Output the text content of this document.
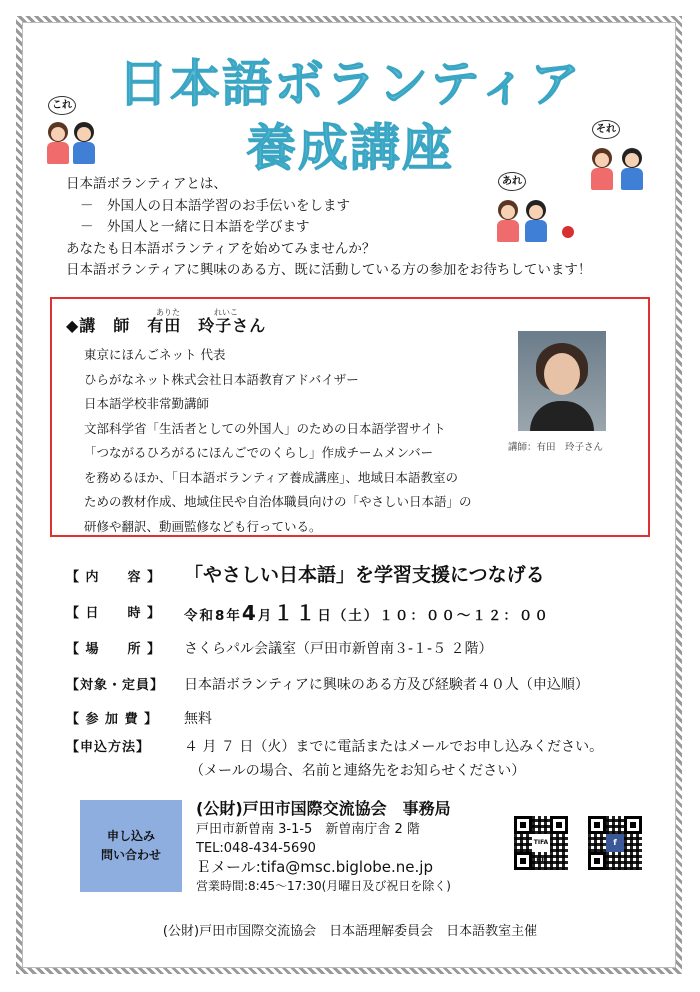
日本語ボランティア
養成講座
これ
それ
あれ
日本語ボランティアとは、
－　外国人の日本語学習のお手伝いをします
－　外国人と一緒に日本語を学びます
あなたも日本語ボランティアを始めてみませんか？
日本語ボランティアに興味のある方、既に活動している方の参加をお待ちしています！
ありた	れいこ
◆講　師　有田　玲子さん
東京にほんごネット 代表
ひらがなネット株式会社日本語教育アドバイザー
日本語学校非常勤講師
文部科学省「生活者としての外国人」のための日本語学習サイト
「つながるひろがるにほんごでのくらし」作成チームメンバー
を務めるほか、「日本語ボランティア養成講座」、地域日本語教室の
ための教材作成、地域住民や自治体職員向けの「やさしい日本語」の
研修や翻訳、動画監修なども行っている。
講師：有田　玲子さん
【 内　　容 】 「やさしい日本語」を学習支援につなげる
【 日　　時 】 令和8年4月１１日（土）１０：００～１２：００
【 場　　所 】 さくらパル会議室（戸田市新曽南３-１-５ ２階）
【対象・定員】 日本語ボランティアに興味のある方及び経験者４０人（申込順）
【 参 加 費 】 無料
【申込方法】 ４ 月 ７ 日（火）までに電話またはメールでお申し込みください。
（メールの場合、名前と連絡先をお知らせください）
申し込み
問い合わせ
(公財)戸田市国際交流協会　事務局
戸田市新曽南 3-1-5　新曽南庁舎 2 階
TEL:048-434-5690
Ｅメール:tifa@msc.biglobe.ne.jp
営業時間:8:45～17:30(月曜日及び祝日を除く)
TIFA HP
f
(公財)戸田市国際交流協会　日本語理解委員会　日本語教室主催
